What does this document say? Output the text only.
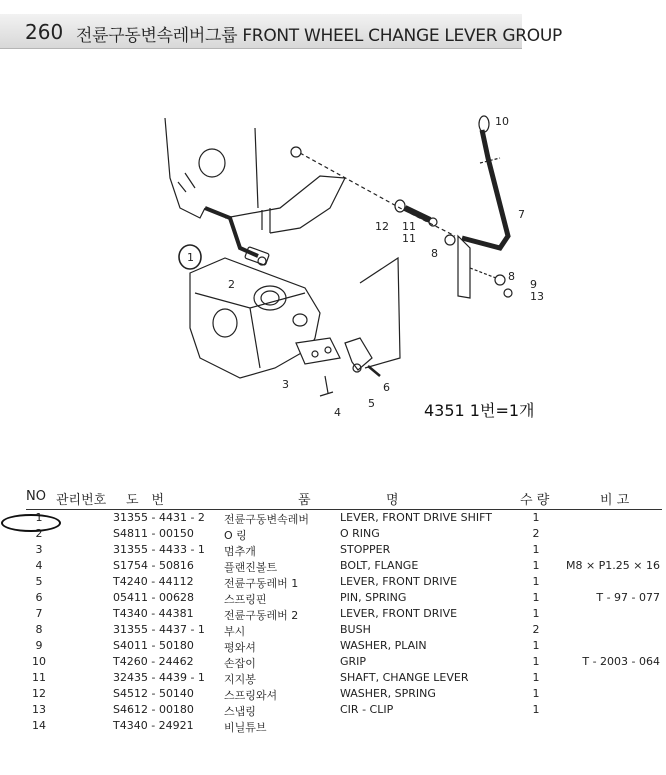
260 전륜구동변속레버그룹 FRONT WHEEL CHANGE LEVER GROUP
1
2
3
4
5
6
7
8
9
10
11
12
13
8
11
4351 1번=1개
NO 관리번호 도　번	품	명	수 량	비 고
1	31355 - 4431 - 2 전륜구동변속레버	LEVER, FRONT DRIVE SHIFT	1
2	S4811 - 00150	O 링	O RING	2
3	31355 - 4433 - 1 멈추개	STOPPER	1
4	S1754 - 50816	플랜진볼트	BOLT, FLANGE	1	M8 × P1.25 × 16
5	T4240 - 44112	전륜구동레버 1	LEVER, FRONT DRIVE	1
6	05411 - 00628	스프링핀	PIN, SPRING	1	T - 97 - 077
7	T4340 - 44381	전륜구동레버 2	LEVER, FRONT DRIVE	1
8	31355 - 4437 - 1 부시	BUSH	2
9	S4011 - 50180	평와셔	WASHER, PLAIN	1
10	T4260 - 24462	손잡이	GRIP	1	T - 2003 - 064
11	32435 - 4439 - 1 지지봉	SHAFT, CHANGE LEVER	1
12	S4512 - 50140	스프링와셔	WASHER, SPRING	1
13	S4612 - 00180	스냅링	CIR - CLIP	1
14	T4340 - 24921	비닐튜브
